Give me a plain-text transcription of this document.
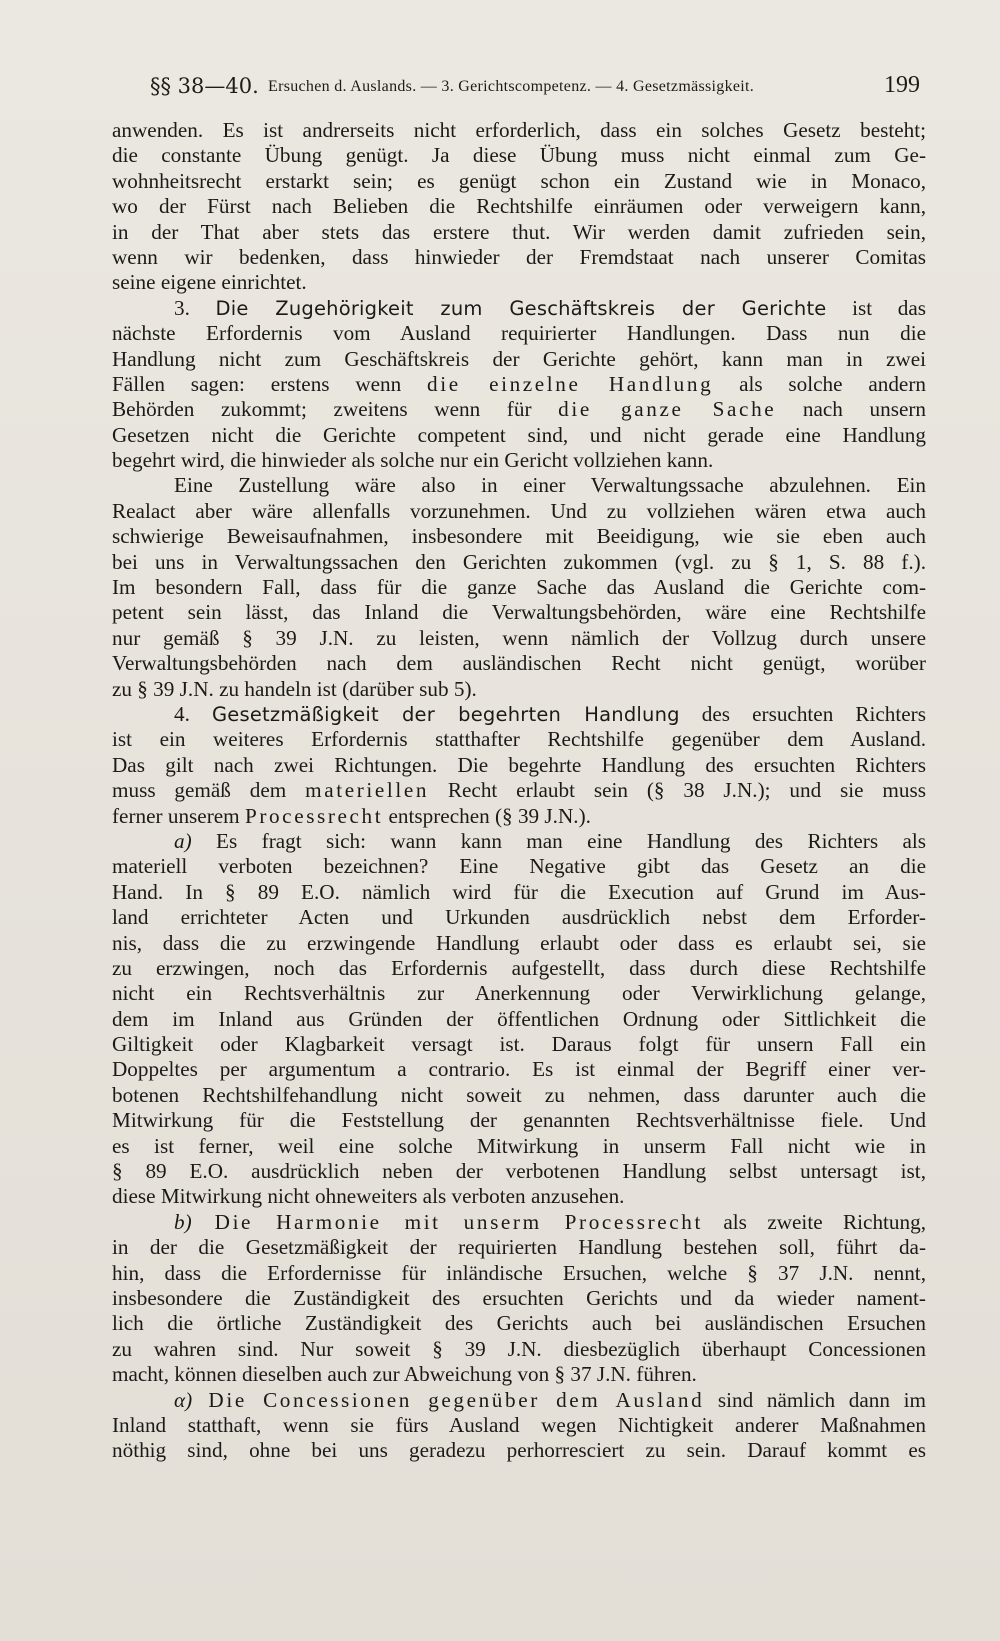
§§ 38—40. Ersuchen d. Auslands. — 3. Gerichtscompetenz. — 4. Gesetzmässigkeit.	199
anwenden. Es ist andrerseits nicht erforderlich, dass ein solches Gesetz besteht;
die constante Übung genügt. Ja diese Übung muss nicht einmal zum Ge-
wohnheitsrecht erstarkt sein; es genügt schon ein Zustand wie in Monaco,
wo der Fürst nach Belieben die Rechtshilfe einräumen oder verweigern kann,
in der That aber stets das erstere thut. Wir werden damit zufrieden sein,
wenn wir bedenken, dass hinwieder der Fremdstaat nach unserer Comitas
seine eigene einrichtet.
3. Die Zugehörigkeit zum Geschäftskreis der Gerichte ist das
nächste Erfordernis vom Ausland requirierter Handlungen. Dass nun die
Handlung nicht zum Geschäftskreis der Gerichte gehört, kann man in zwei
Fällen sagen: erstens wenn die einzelne Handlung als solche andern
Behörden zukommt; zweitens wenn für die ganze Sache nach unsern
Gesetzen nicht die Gerichte competent sind, und nicht gerade eine Handlung
begehrt wird, die hinwieder als solche nur ein Gericht vollziehen kann.
Eine Zustellung wäre also in einer Verwaltungssache abzulehnen. Ein
Realact aber wäre allenfalls vorzunehmen. Und zu vollziehen wären etwa auch
schwierige Beweisaufnahmen, insbesondere mit Beeidigung, wie sie eben auch
bei uns in Verwaltungssachen den Gerichten zukommen (vgl. zu § 1, S. 88 f.).
Im besondern Fall, dass für die ganze Sache das Ausland die Gerichte com-
petent sein lässt, das Inland die Verwaltungsbehörden, wäre eine Rechtshilfe
nur gemäß § 39 J.N. zu leisten, wenn nämlich der Vollzug durch unsere
Verwaltungsbehörden nach dem ausländischen Recht nicht genügt, worüber
zu § 39 J.N. zu handeln ist (darüber sub 5).
4. Gesetzmäßigkeit der begehrten Handlung des ersuchten Richters
ist ein weiteres Erfordernis statthafter Rechtshilfe gegenüber dem Ausland.
Das gilt nach zwei Richtungen. Die begehrte Handlung des ersuchten Richters
muss gemäß dem materiellen Recht erlaubt sein (§ 38 J.N.); und sie muss
ferner unserem Processrecht entsprechen (§ 39 J.N.).
a) Es fragt sich: wann kann man eine Handlung des Richters als
materiell verboten bezeichnen? Eine Negative gibt das Gesetz an die
Hand. In § 89 E.O. nämlich wird für die Execution auf Grund im Aus-
land errichteter Acten und Urkunden ausdrücklich nebst dem Erforder-
nis, dass die zu erzwingende Handlung erlaubt oder dass es erlaubt sei, sie
zu erzwingen, noch das Erfordernis aufgestellt, dass durch diese Rechtshilfe
nicht ein Rechtsverhältnis zur Anerkennung oder Verwirklichung gelange,
dem im Inland aus Gründen der öffentlichen Ordnung oder Sittlichkeit die
Giltigkeit oder Klagbarkeit versagt ist. Daraus folgt für unsern Fall ein
Doppeltes per argumentum a contrario. Es ist einmal der Begriff einer ver-
botenen Rechtshilfehandlung nicht soweit zu nehmen, dass darunter auch die
Mitwirkung für die Feststellung der genannten Rechtsverhältnisse fiele. Und
es ist ferner, weil eine solche Mitwirkung in unserm Fall nicht wie in
§ 89 E.O. ausdrücklich neben der verbotenen Handlung selbst untersagt ist,
diese Mitwirkung nicht ohneweiters als verboten anzusehen.
b) Die Harmonie mit unserm Processrecht als zweite Richtung,
in der die Gesetzmäßigkeit der requirierten Handlung bestehen soll, führt da-
hin, dass die Erfordernisse für inländische Ersuchen, welche § 37 J.N. nennt,
insbesondere die Zuständigkeit des ersuchten Gerichts und da wieder nament-
lich die örtliche Zuständigkeit des Gerichts auch bei ausländischen Ersuchen
zu wahren sind. Nur soweit § 39 J.N. diesbezüglich überhaupt Concessionen
macht, können dieselben auch zur Abweichung von § 37 J.N. führen.
α) Die Concessionen gegenüber dem Ausland sind nämlich dann im
Inland statthaft, wenn sie fürs Ausland wegen Nichtigkeit anderer Maßnahmen
nöthig sind, ohne bei uns geradezu perhorresciert zu sein. Darauf kommt es
